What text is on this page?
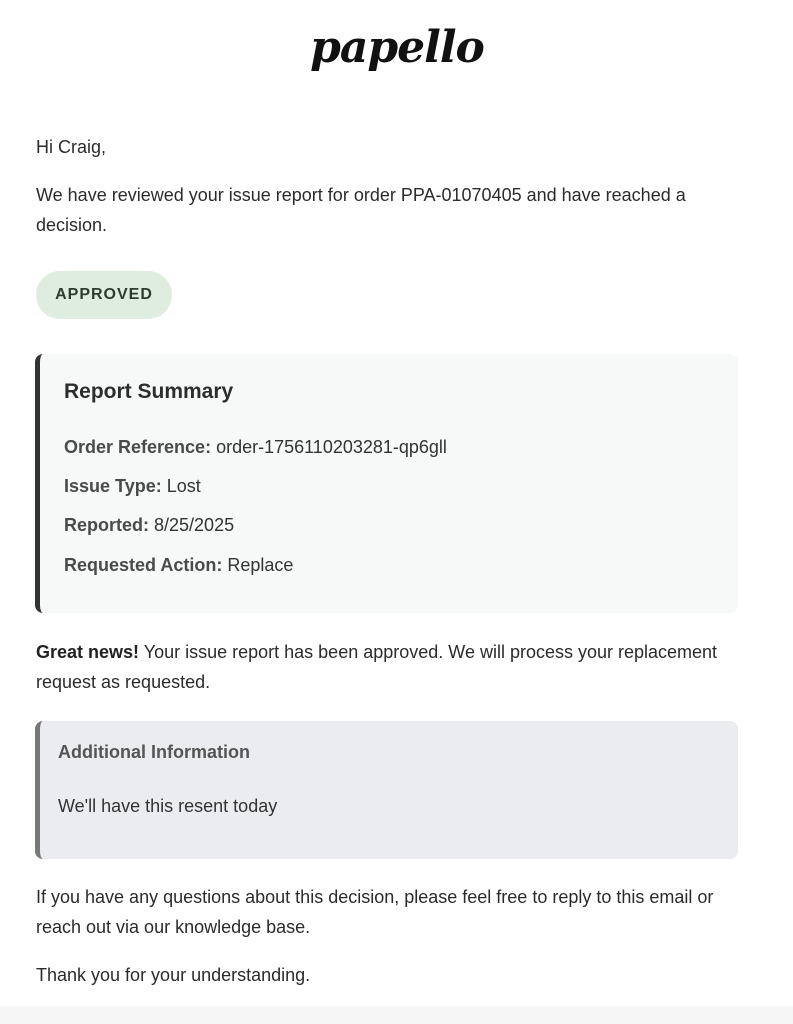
papello

Hi Craig,

We have reviewed your issue report for order PPA-01070405 and have reached a decision.

APPROVED
Report Summary
Order Reference: order-1756110203281-qp6gll
Issue Type: Lost
Reported: 8/25/2025
Requested Action: Replace

Great news! Your issue report has been approved. We will process your replacement request as requested.

Additional Information
We'll have this resent today

If you have any questions about this decision, please feel free to reply to this email or reach out via our knowledge base.

Thank you for your understanding.
